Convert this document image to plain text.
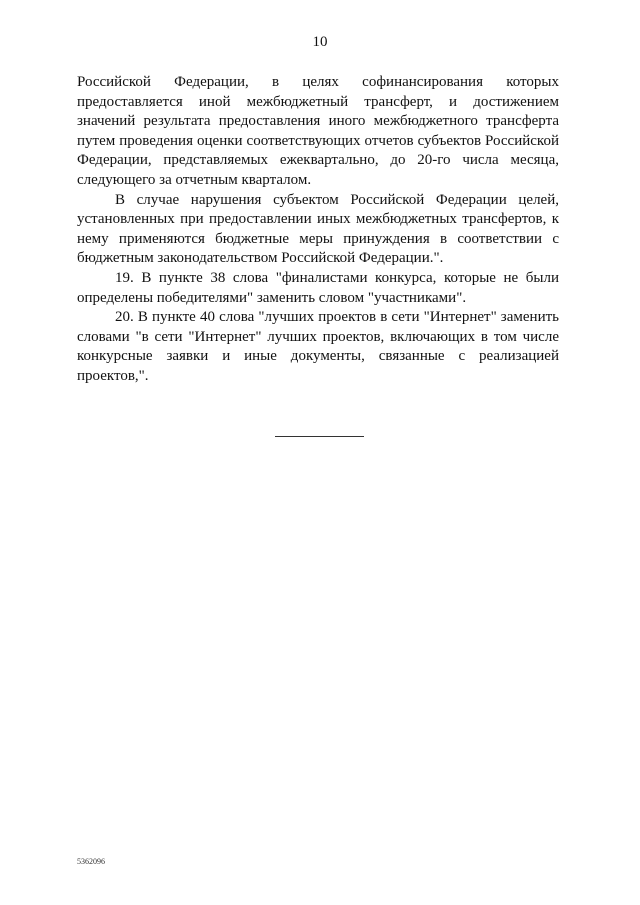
10

Российской Федерации, в целях софинансирования которых предоставляется иной межбюджетный трансферт, и достижением значений результата предоставления иного межбюджетного трансферта путем проведения оценки соответствующих отчетов субъектов Российской Федерации, представляемых ежеквартально, до 20-го числа месяца, следующего за отчетным кварталом.

В случае нарушения субъектом Российской Федерации целей, установленных при предоставлении иных межбюджетных трансфертов, к нему применяются бюджетные меры принуждения в соответствии с бюджетным законодательством Российской Федерации.".

19. В пункте 38 слова "финалистами конкурса, которые не были определены победителями" заменить словом "участниками".

20. В пункте 40 слова "лучших проектов в сети "Интернет" заменить словами "в сети "Интернет" лучших проектов, включающих в том числе конкурсные заявки и иные документы, связанные с реализацией проектов,".

5362096
